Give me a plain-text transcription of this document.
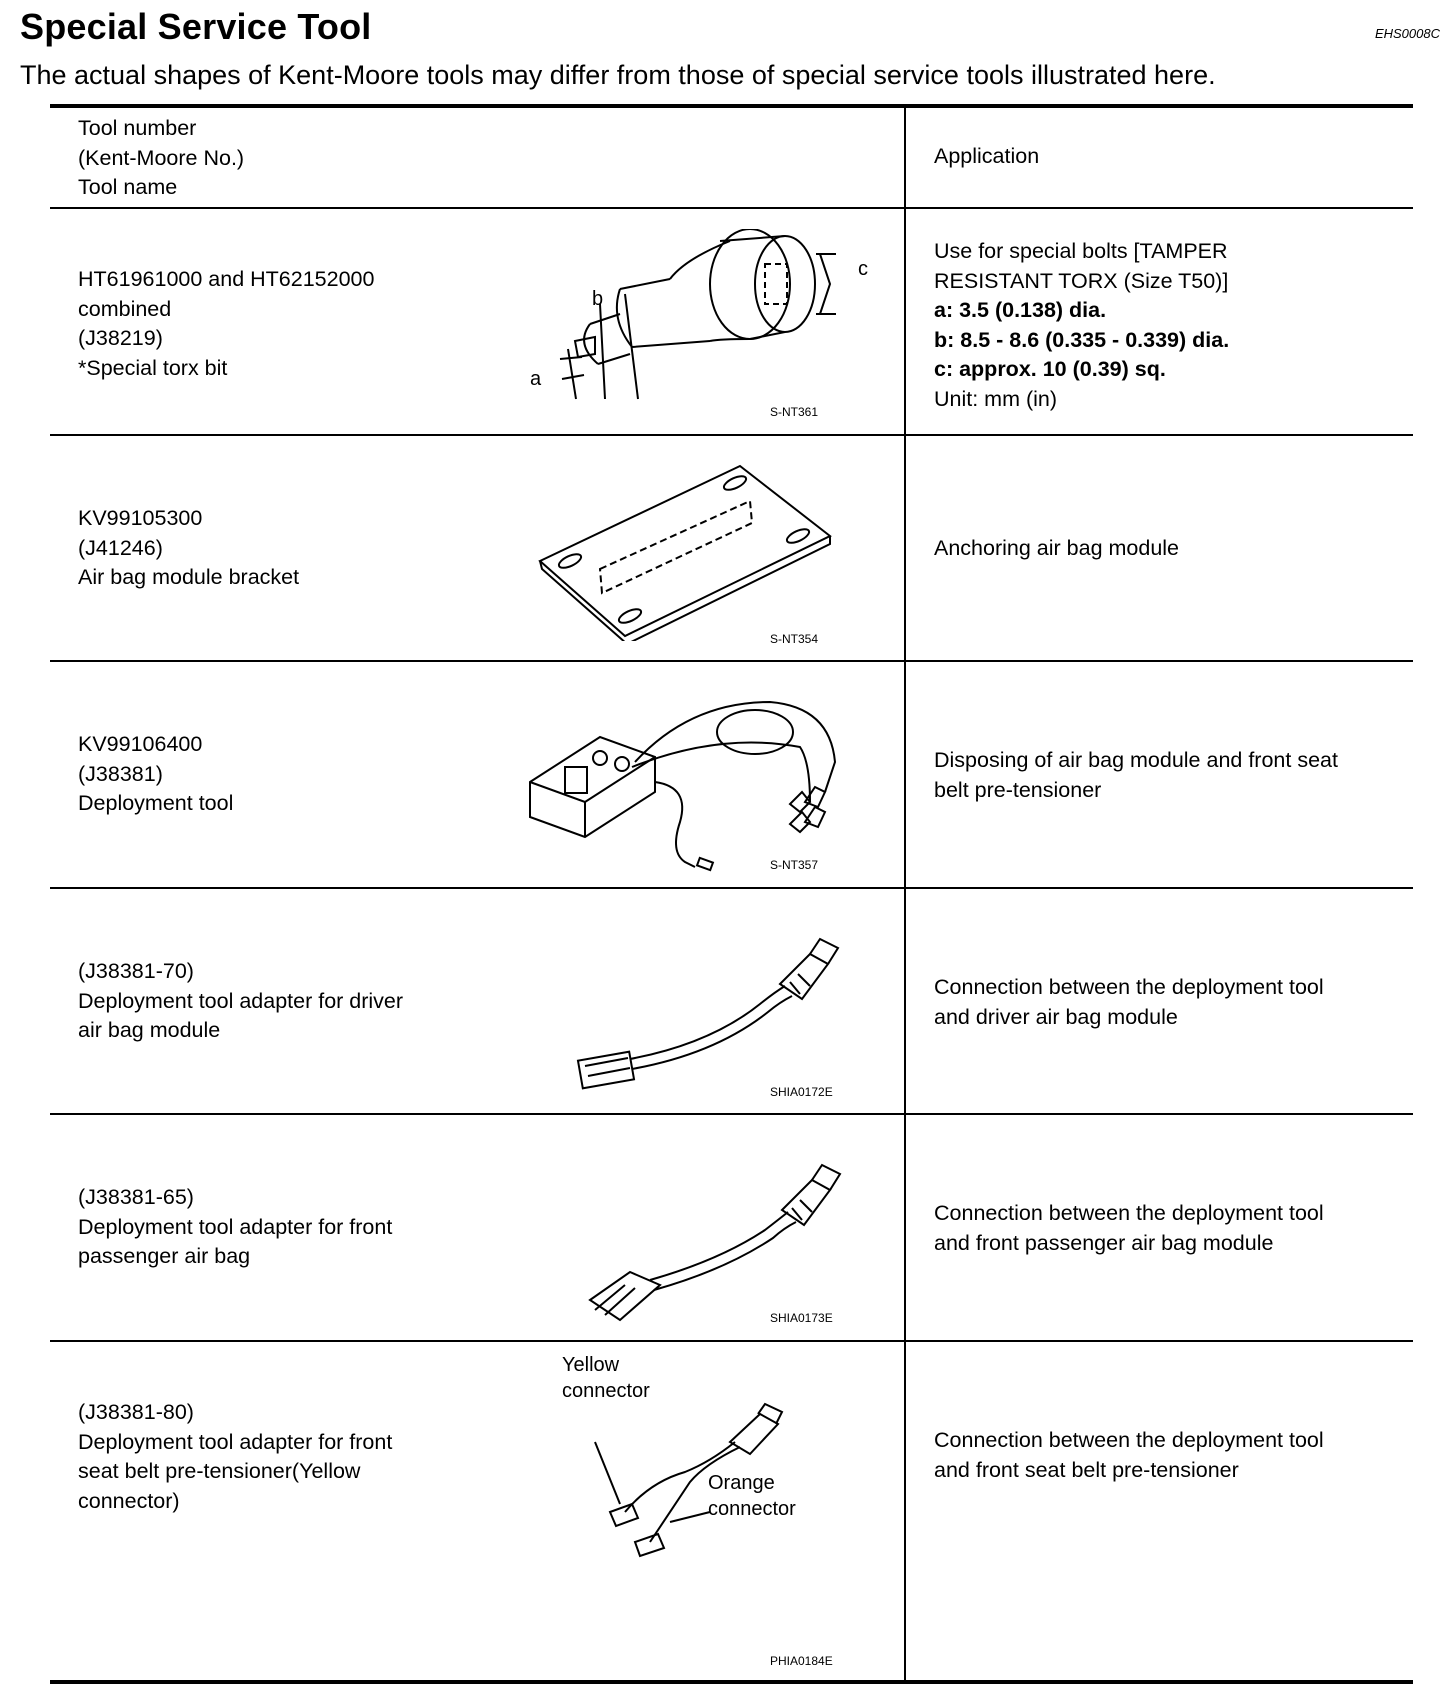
Special Service Tool	EHS0008C
The actual shapes of Kent-Moore tools may differ from those of special service tools illustrated here.
Tool number
(Kent-Moore No.)
Tool name
Application
HT61961000 and HT62152000
combined
(J38219)
*Special torx bit	a
b
c
S-NT361
Use for special bolts [TAMPER
RESISTANT TORX (Size T50)]
a: 3.5 (0.138) dia.
b: 8.5 - 8.6 (0.335 - 0.339) dia.
c: approx. 10 (0.39) sq.
Unit: mm (in)
KV99105300
(J41246)
Air bag module bracket
S-NT354
Anchoring air bag module
KV99106400
(J38381)
Deployment tool
S-NT357
Disposing of air bag module and front seat
belt pre-tensioner
(J38381-70)
Deployment tool adapter for driver
air bag module
SHIA0172E
Connection between the deployment tool
and driver air bag module
(J38381-65)
Deployment tool adapter for front
passenger air bag
SHIA0173E
Connection between the deployment tool
and front passenger air bag module
(J38381-80)
Deployment tool adapter for front
seat belt pre-tensioner(Yellow
connector)
Yellow
connector
Orange
connector
PHIA0184E
Connection between the deployment tool
and front seat belt pre-tensioner
